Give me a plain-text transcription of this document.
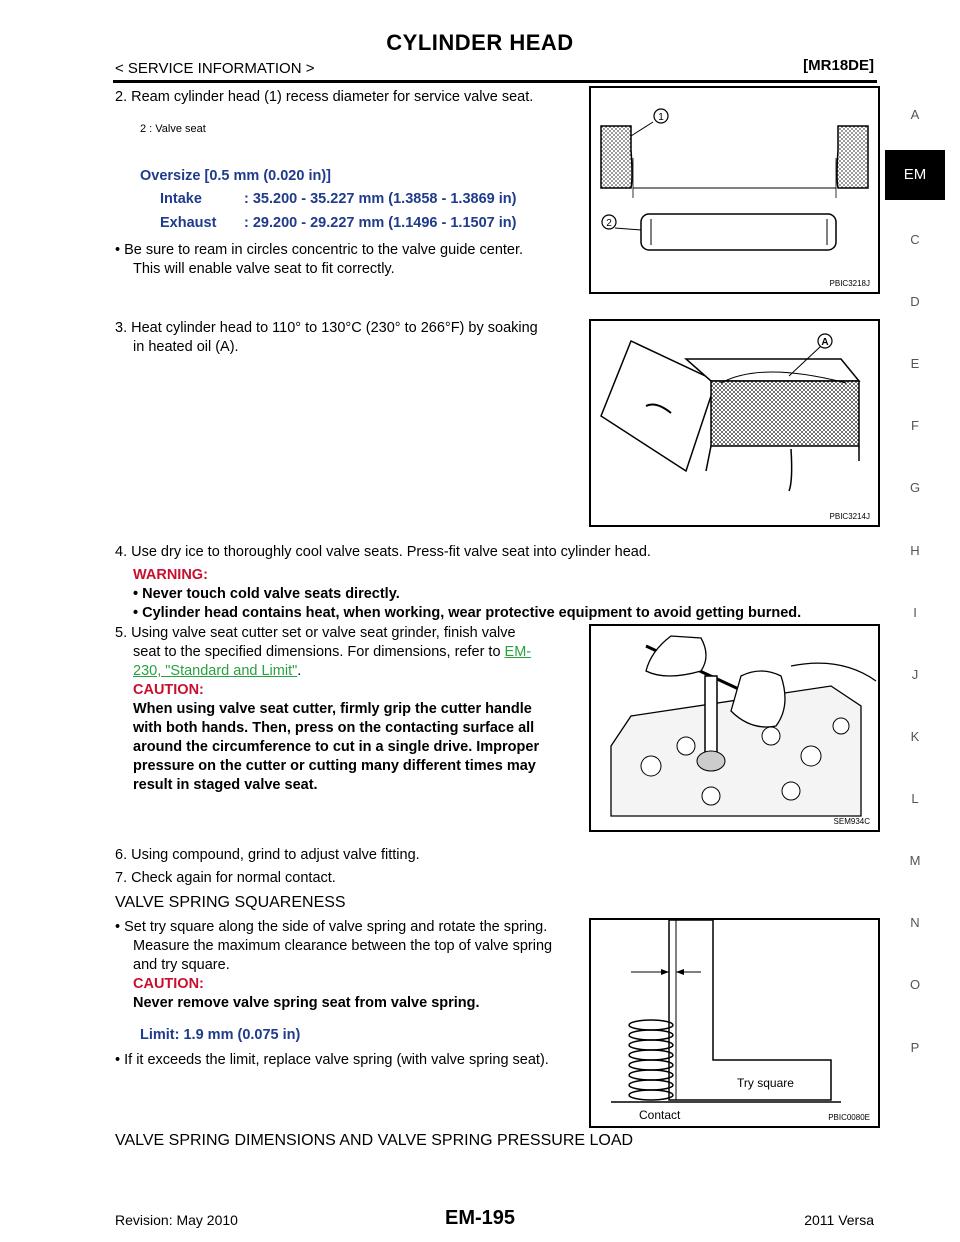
CYLINDER HEAD
< SERVICE INFORMATION >	[MR18DE]
A
EM
C
D
E
F
G
H
I
J
K
L
M
N
O
P
2. Ream cylinder head (1) recess diameter for service valve seat.
2 : Valve seat
Oversize [0.5 mm (0.020 in)]
Intake	: 35.200 - 35.227 mm (1.3858 - 1.3869 in)
Exhaust : 29.200 - 29.227 mm (1.1496 - 1.1507 in)
• Be sure to ream in circles concentric to the valve guide center.
This will enable valve seat to fit correctly.
1
2
PBIC3218J
3. Heat cylinder head to 110° to 130°C (230° to 266°F) by soaking
in heated oil (A).	A
PBIC3214J
4. Use dry ice to thoroughly cool valve seats. Press-fit valve seat into cylinder head.
WARNING:
• Never touch cold valve seats directly.
• Cylinder head contains heat, when working, wear protective equipment to avoid getting burned.
5. Using valve seat cutter set or valve seat grinder, finish valve
seat to the specified dimensions. For dimensions, refer to EM-
230, "Standard and Limit".
CAUTION:
When using valve seat cutter, firmly grip the cutter handle
with both hands. Then, press on the contacting surface all
around the circumference to cut in a single drive. Improper
pressure on the cutter or cutting many different times may
result in staged valve seat.
SEM934C
6. Using compound, grind to adjust valve fitting.
7. Check again for normal contact.
VALVE SPRING SQUARENESS
• Set try square along the side of valve spring and rotate the spring.
Measure the maximum clearance between the top of valve spring
and try square.
CAUTION:
Never remove valve spring seat from valve spring.
Limit: 1.9 mm (0.075 in)
• If it exceeds the limit, replace valve spring (with valve spring seat).
Try square
Contact	PBIC0080E
VALVE SPRING DIMENSIONS AND VALVE SPRING PRESSURE LOAD
Revision: May 2010	EM-195	2011 Versa
